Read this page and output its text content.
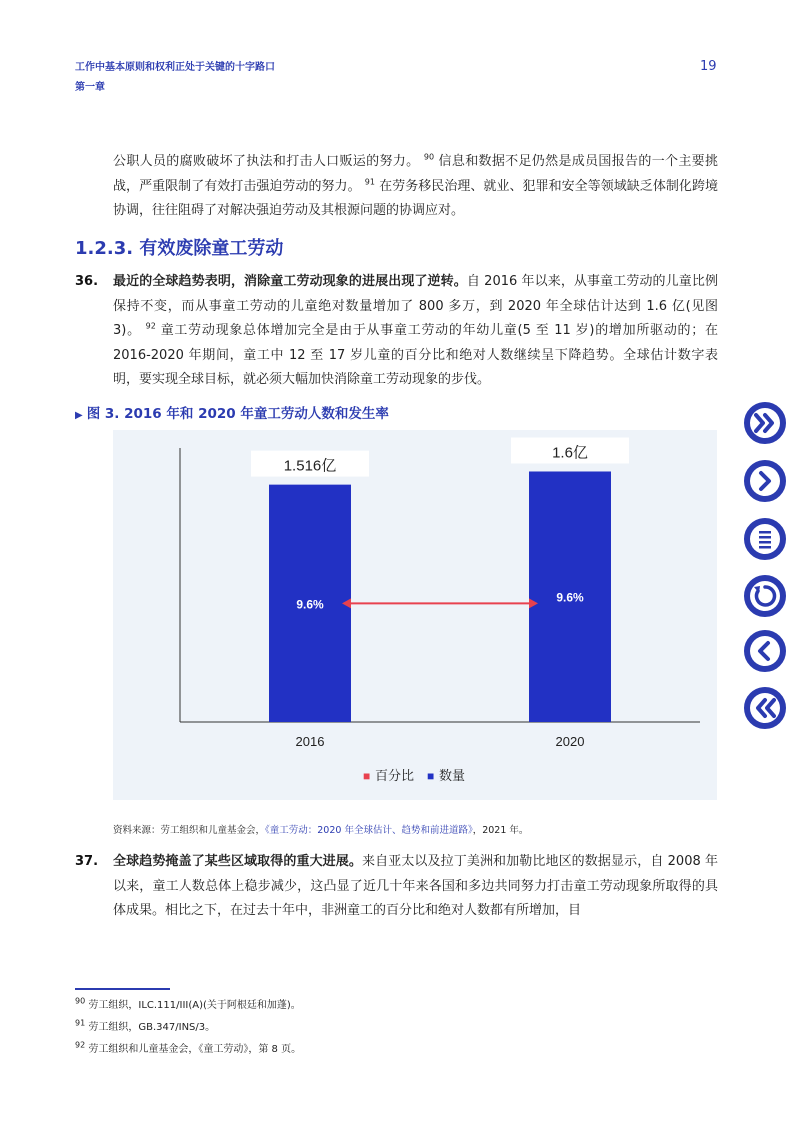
工作中基本原则和权利正处于关键的十字路口
第一章
19
公职人员的腐败破坏了执法和打击人口贩运的努力。 $^{90}$ 信息和数据不足仍然是成员国报告的一个主要挑战，严重限制了有效打击强迫劳动的努力。 $^{91}$ 在劳务移民治理、就业、犯罪和安全等领域缺乏体制化跨境协调，往往阻碍了对解决强迫劳动及其根源问题的协调应对。
1.2.3. 有效废除童工劳动
36. 最近的全球趋势表明，消除童工劳动现象的进展出现了逆转。自 2016 年以来，从事童工劳动的儿童比例保持不变，而从事童工劳动的儿童绝对数量增加了 800 多万，到 2020 年全球估计达到 1.6 亿(见图 3)。 $^{92}$ 童工劳动现象总体增加完全是由于从事童工劳动的年幼儿童(5 至 11 岁)的增加所驱动的；在 2016-2020 年期间，童工中 12 至 17 岁儿童的百分比和绝对人数继续呈下降趋势。全球估计数字表明，要实现全球目标，就必须大幅加快消除童工劳动现象的步伐。
▶ 图 3. 2016 年和 2020 年童工劳动人数和发生率
1.516亿
2016
9.6%
1.6亿
2020
9.6%
■ 百分比 ■ 数量
资料来源：劳工组织和儿童基金会，《童工劳动：2020 年全球估计、趋势和前进道路》，2021 年。
37. 全球趋势掩盖了某些区域取得的重大进展。来自亚太以及拉丁美洲和加勒比地区的数据显示，自 2008 年以来，童工人数总体上稳步减少，这凸显了近几十年来各国和多边共同努力打击童工劳动现象所取得的具体成果。相比之下，在过去十年中，非洲童工的百分比和绝对人数都有所增加，目
$^{90}$ 劳工组织，ILC.111/III(A)(关于阿根廷和加蓬)。
$^{91}$ 劳工组织，GB.347/INS/3。
$^{92}$ 劳工组织和儿童基金会，《童工劳动》，第 8 页。
